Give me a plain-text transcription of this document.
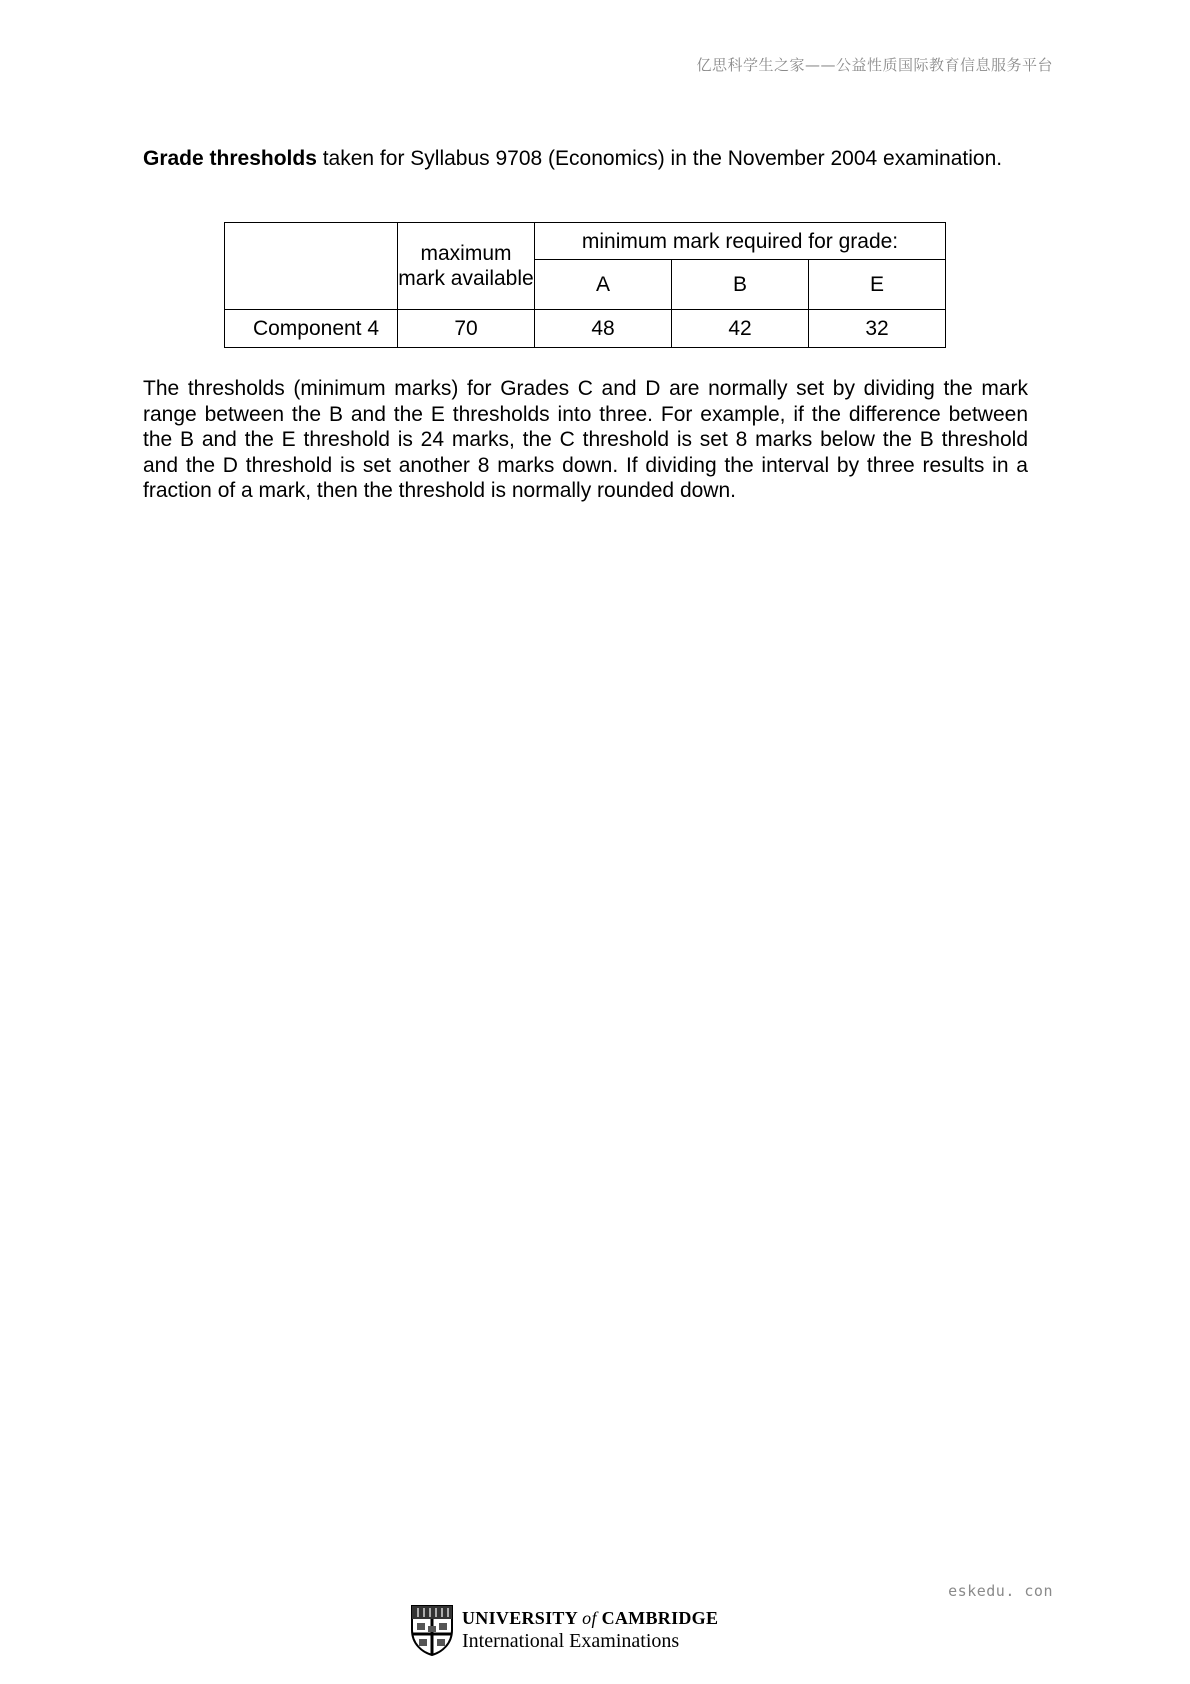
亿思科学生之家——公益性质国际教育信息服务平台
Grade thresholds taken for Syllabus 9708 (Economics) in the November 2004 examination.
	maximum mark available	minimum mark required for grade:		
		A	B	E
Component 4	70	48	42	32
The thresholds (minimum marks) for Grades C and D are normally set by dividing the mark range between the B and the E thresholds into three. For example, if the difference between the B and the E threshold is 24 marks, the C threshold is set 8 marks below the B threshold and the D threshold is set another 8 marks down. If dividing the interval by three results in a fraction of a mark, then the threshold is normally rounded down.
eskedu. con
UNIVERSITY of CAMBRIDGE
International Examinations
